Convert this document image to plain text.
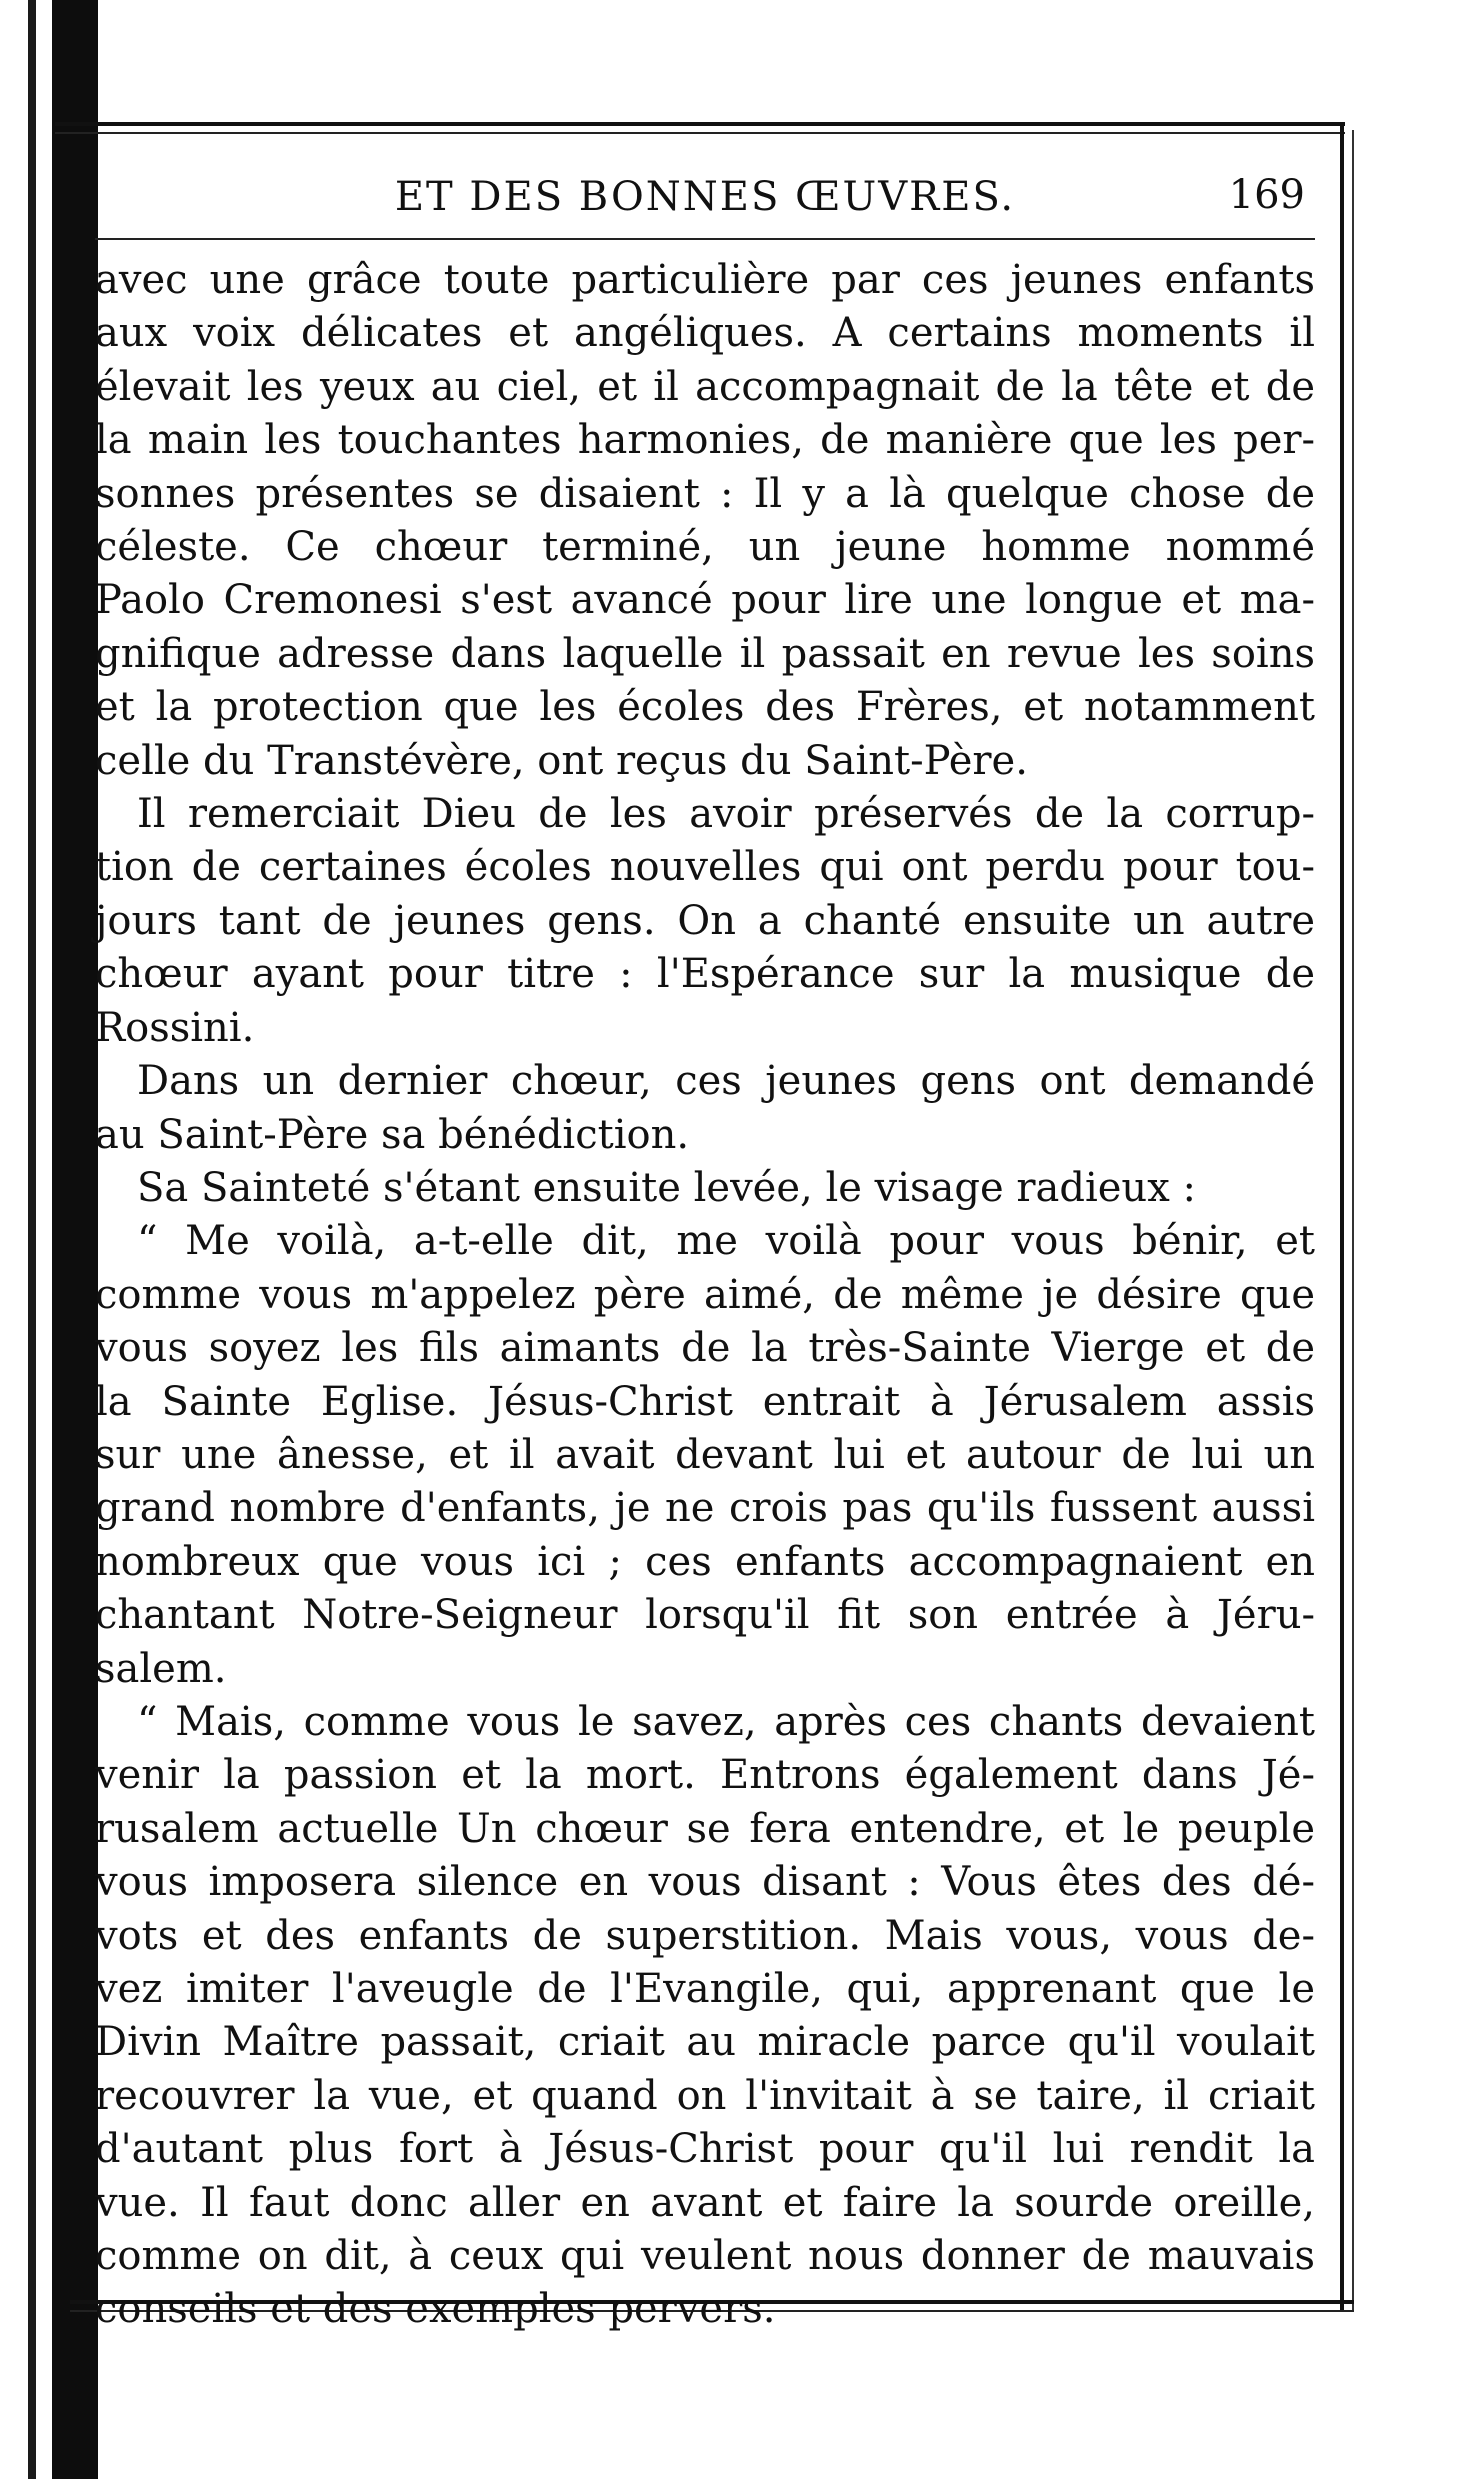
ET DES BONNES ŒUVRES.	169
avec une grâce toute particulière par ces jeunes enfants
aux voix délicates et angéliques. A certains moments il
élevait les yeux au ciel, et il accompagnait de la tête et de
la main les touchantes harmonies, de manière que les per-
sonnes présentes se disaient : Il y a là quelque chose de
céleste. Ce chœur terminé, un jeune homme nommé
Paolo Cremonesi s'est avancé pour lire une longue et ma-
gnifique adresse dans laquelle il passait en revue les soins
et la protection que les écoles des Frères, et notamment
celle du Transtévère, ont reçus du Saint-Père.
Il remerciait Dieu de les avoir préservés de la corrup-
tion de certaines écoles nouvelles qui ont perdu pour tou-
jours tant de jeunes gens. On a chanté ensuite un autre
chœur ayant pour titre : l'Espérance sur la musique de
Rossini.
Dans un dernier chœur, ces jeunes gens ont demandé
au Saint-Père sa bénédiction.
Sa Sainteté s'étant ensuite levée, le visage radieux :
“ Me voilà, a-t-elle dit, me voilà pour vous bénir, et
comme vous m'appelez père aimé, de même je désire que
vous soyez les fils aimants de la très-Sainte Vierge et de
la Sainte Eglise. Jésus-Christ entrait à Jérusalem assis
sur une ânesse, et il avait devant lui et autour de lui un
grand nombre d'enfants, je ne crois pas qu'ils fussent aussi
nombreux que vous ici ; ces enfants accompagnaient en
chantant Notre-Seigneur lorsqu'il fit son entrée à Jéru-
salem.
“ Mais, comme vous le savez, après ces chants devaient
venir la passion et la mort. Entrons également dans Jé-
rusalem actuelle Un chœur se fera entendre, et le peuple
vous imposera silence en vous disant : Vous êtes des dé-
vots et des enfants de superstition. Mais vous, vous de-
vez imiter l'aveugle de l'Evangile, qui, apprenant que le
Divin Maître passait, criait au miracle parce qu'il voulait
recouvrer la vue, et quand on l'invitait à se taire, il criait
d'autant plus fort à Jésus-Christ pour qu'il lui rendit la
vue. Il faut donc aller en avant et faire la sourde oreille,
comme on dit, à ceux qui veulent nous donner de mauvais
conseils et des exemples pervers.
